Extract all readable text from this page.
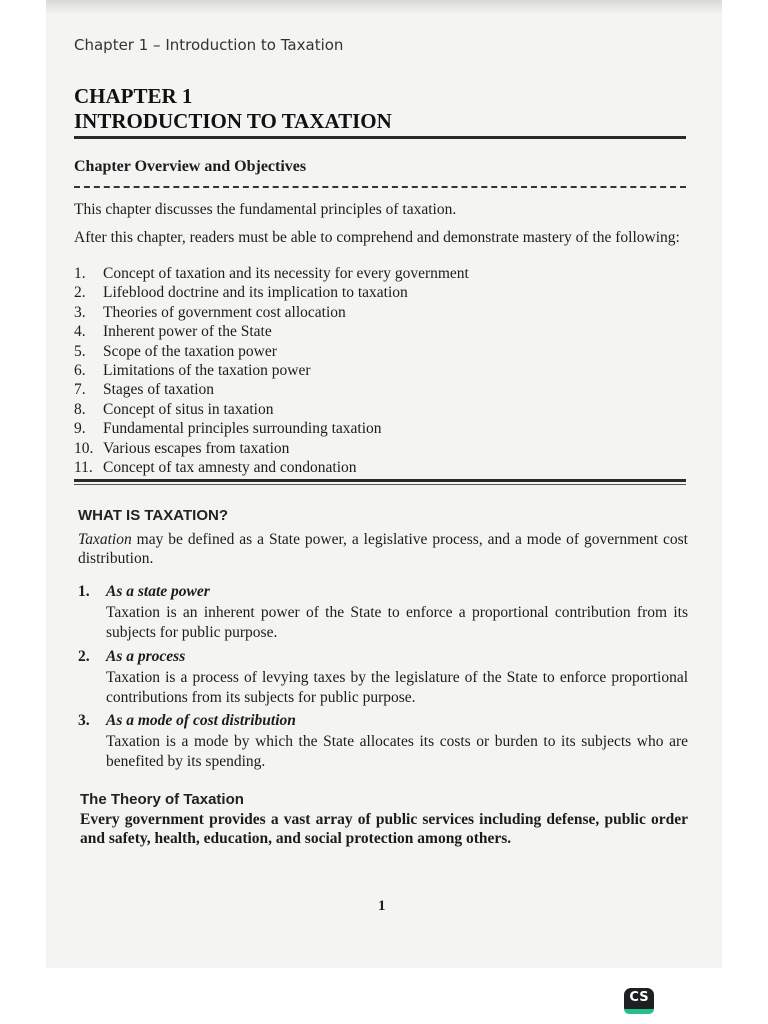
Chapter 1 – Introduction to Taxation
CHAPTER 1
INTRODUCTION TO TAXATION
Chapter Overview and Objectives

This chapter discusses the fundamental principles of taxation.

After this chapter, readers must be able to comprehend and demonstrate mastery of the following:

1.	Concept of taxation and its necessity for every government
2.	Lifeblood doctrine and its implication to taxation
3.	Theories of government cost allocation
4.	Inherent power of the State
5.	Scope of the taxation power
6.	Limitations of the taxation power
7.	Stages of taxation
8.	Concept of situs in taxation
9.	Fundamental principles surrounding taxation
10. Various escapes from taxation
11. Concept of tax amnesty and condonation
WHAT IS TAXATION?

Taxation may be defined as a State power, a legislative process, and a mode of government cost distribution.

1. As a state power
Taxation is an inherent power of the State to enforce a proportional contribution from its subjects for public purpose.
2. As a process
Taxation is a process of levying taxes by the legislature of the State to enforce proportional contributions from its subjects for public purpose.
3. As a mode of cost distribution
Taxation is a mode by which the State allocates its costs or burden to its subjects who are benefited by its spending.
The Theory of Taxation

Every government provides a vast array of public services including defense, public order and safety, health, education, and social protection among others.

1
CS
